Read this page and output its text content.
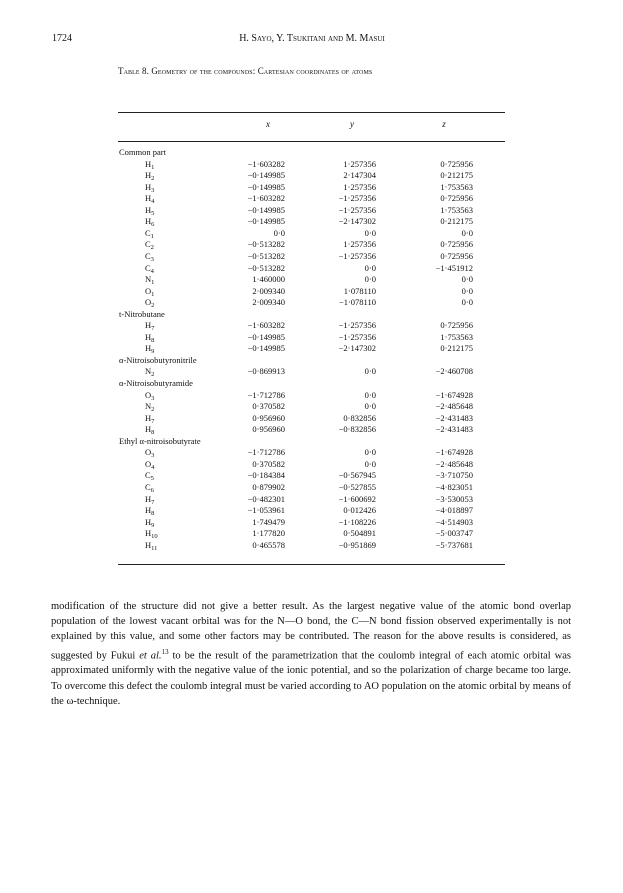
1724	H. Sayo, Y. Tsukitani and M. Masui
Table 8. Geometry of the compounds: Cartesian coordinates of atoms
x	y	z
Common part
$H_1$	−1·603282	1·257356	0·725956
$H_2$	−0·149985	2·147304	0·212175
$H_3$	−0·149985	1·257356	1·753563
$H_4$	−1·603282	−1·257356	0·725956
$H_5$	−0·149985	−1·257356	1·753563
$H_6$	−0·149985	−2·147302	0·212175
$C_1$	0·0	0·0	0·0
$C_2$	−0·513282	1·257356	0·725956
$C_3$	−0·513282	−1·257356	0·725956
$C_4$	−0·513282	0·0	−1·451912
$N_1$	1·460000	0·0	0·0
$O_1$	2·009340	1·078110	0·0
$O_2$	2·009340	−1·078110	0·0
t-Nitrobutane
$H_7$	−1·603282	−1·257356	0·725956
$H_8$	−0·149985	−1·257356	1·753563
$H_9$	−0·149985	−2·147302	0·212175
α-Nitroisobutyronitrile
$N_2$	−0·869913	0·0	−2·460708
α-Nitroisobutyramide
$O_3$	−1·712786	0·0	−1·674928
$N_2$	0·370582	0·0	−2·485648
$H_7$	0·956960	0·832856	−2·431483
$H_8$	0·956960	−0·832856	−2·431483
Ethyl α-nitroisobutyrate
$O_3$	−1·712786	0·0	−1·674928
$O_4$	0·370582	0·0	−2·485648
$C_5$	−0·184384	−0·567945	−3·710750
$C_6$	0·879902	−0·527855	−4·823051
$H_7$	−0·482301	−1·600692	−3·530053
$H_8$	−1·053961	0·012426	−4·018897
$H_9$	1·749479	−1·108226	−4·514903
$H_{10}$	1·177820	0·504891	−5·003747
$H_{11}$	0·465578	−0·951869	−5·737681
modification of the structure did not give a better result. As the largest negative value of the atomic bond overlap population of the lowest vacant orbital was for the N—O bond, the C—N bond fission observed experimentally is not explained by this value, and some other factors may be contributed. The reason for the above results is considered, as suggested by Fukui et al.$^{13}$ to be the result of the parametrization that the coulomb integral of each atomic orbital was approximated uniformly with the negative value of the ionic potential, and so the polarization of charge became too large. To overcome this defect the coulomb integral must be varied according to AO population on the atomic orbital by means of the ω-technique.
